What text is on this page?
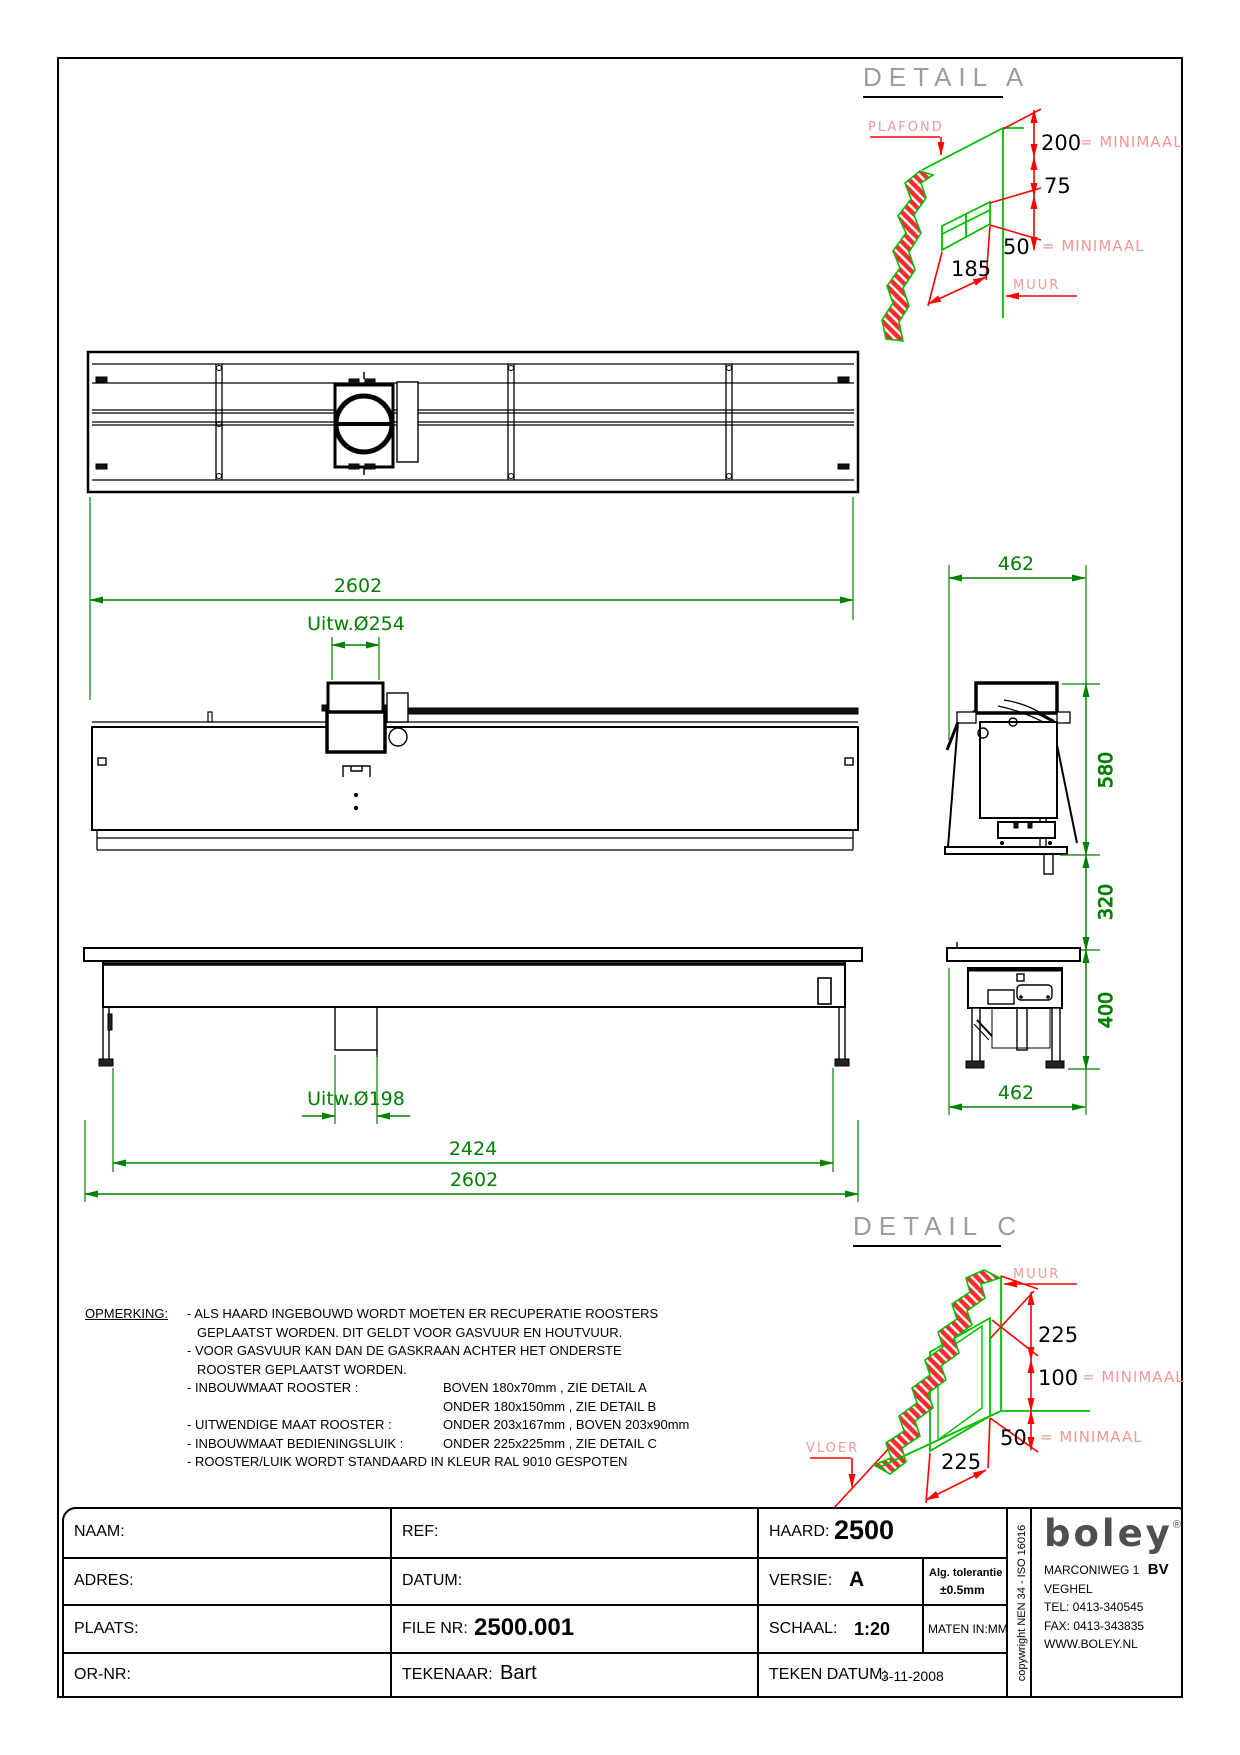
2602
Uitw.Ø254
462
580
320
400
462
Uitw.Ø198
2424
2602
PLAFOND
MUUR
200
= MINIMAAL
75
50 = MINIMAAL
185
MUUR
VLOER
225
100 = MINIMAAL
50 = MINIMAAL
225
DETAIL A
DETAIL C
OPMERKING: - ALS HAARD INGEBOUWD WORDT MOETEN ER RECUPERATIE ROOSTERS
GEPLAATST WORDEN. DIT GELDT VOOR GASVUUR EN HOUTVUUR.
- VOOR GASVUUR KAN DAN DE GASKRAAN ACHTER HET ONDERSTE
ROOSTER GEPLAATST WORDEN.
- INBOUWMAAT ROOSTER :	BOVEN 180x70mm , ZIE DETAIL A
ONDER 180x150mm , ZIE DETAIL B
- UITWENDIGE MAAT ROOSTER :	ONDER 203x167mm , BOVEN 203x90mm
- INBOUWMAAT BEDIENINGSLUIK :	ONDER 225x225mm , ZIE DETAIL C
- ROOSTER/LUIK WORDT STANDAARD IN KLEUR RAL 9010 GESPOTEN
NAAM:
ADRES:
PLAATS:
OR-NR:
REF:
DATUM:
FILE NR: 2500.001
TEKENAAR: Bart
HAARD: 2500
VERSIE: A	Alg. tolerantie
±0.5mm
SCHAAL: 1:20	MATEN IN:MM
TEKEN DATUM:
3-11-2008	copywright NEN 34 - ISO 16016 boley®
MARCONIWEG 1 BV
VEGHEL
TEL: 0413-340545
FAX: 0413-343835
WWW.BOLEY.NL
